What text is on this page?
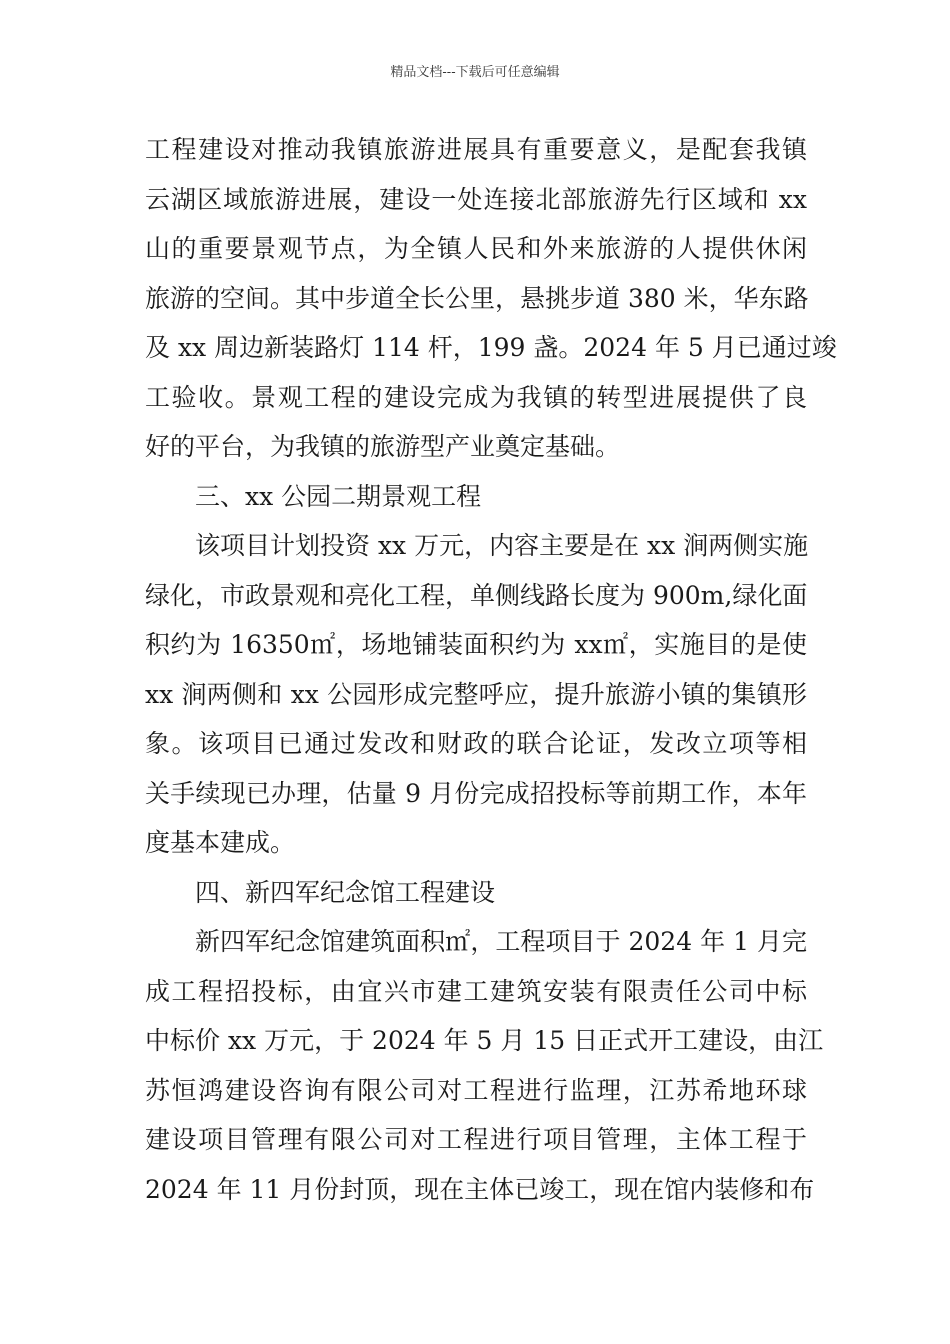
精品文档---下载后可任意编辑
工程建设对推动我镇旅游进展具有重要意义，是配套我镇
云湖区域旅游进展，建设一处连接北部旅游先行区域和 xx
山的重要景观节点，为全镇人民和外来旅游的人提供休闲
旅游的空间。其中步道全长公里，悬挑步道 380 米，华东路
及 xx 周边新装路灯 114 杆，199 盏。2024 年 5 月已通过竣
工验收。景观工程的建设完成为我镇的转型进展提供了良
好的平台，为我镇的旅游型产业奠定基础。
三、xx 公园二期景观工程
该项目计划投资 xx 万元，内容主要是在 xx 涧两侧实施
绿化，市政景观和亮化工程，单侧线路长度为 900m,绿化面
积约为 16350㎡，场地铺装面积约为 xx㎡，实施目的是使
xx 涧两侧和 xx 公园形成完整呼应，提升旅游小镇的集镇形
象。该项目已通过发改和财政的联合论证，发改立项等相
关手续现已办理，估量 9 月份完成招投标等前期工作，本年
度基本建成。
四、新四军纪念馆工程建设
新四军纪念馆建筑面积㎡，工程项目于 2024 年 1 月完
成工程招投标，由宜兴市建工建筑安装有限责任公司中标
中标价 xx 万元，于 2024 年 5 月 15 日正式开工建设，由江
苏恒鸿建设咨询有限公司对工程进行监理，江苏希地环球
建设项目管理有限公司对工程进行项目管理，主体工程于
2024 年 11 月份封顶，现在主体已竣工，现在馆内装修和布
